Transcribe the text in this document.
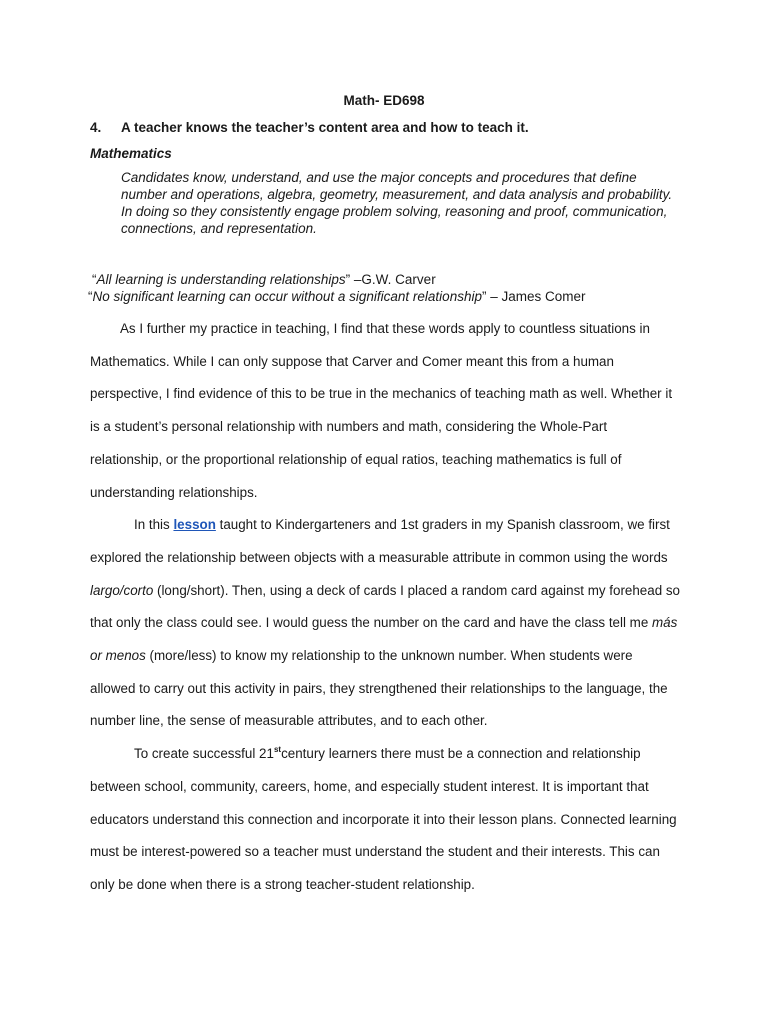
Math- ED698
4. A teacher knows the teacher’s content area and how to teach it.
Mathematics
Candidates know, understand, and use the major concepts and procedures that define number and operations, algebra, geometry, measurement, and data analysis and probability. In doing so they consistently engage problem solving, reasoning and proof, communication, connections, and representation.
“All learning is understanding relationships” –G.W. Carver
“No significant learning can occur without a significant relationship” – James Comer

As I further my practice in teaching, I find that these words apply to countless situations in Mathematics. While I can only suppose that Carver and Comer meant this from a human perspective, I find evidence of this to be true in the mechanics of teaching math as well. Whether it is a student’s personal relationship with numbers and math, considering the Whole-Part relationship, or the proportional relationship of equal ratios, teaching mathematics is full of understanding relationships.

In this lesson taught to Kindergarteners and 1st graders in my Spanish classroom, we first explored the relationship between objects with a measurable attribute in common using the words largo/corto (long/short). Then, using a deck of cards I placed a random card against my forehead so that only the class could see. I would guess the number on the card and have the class tell me más or menos (more/less) to know my relationship to the unknown number. When students were allowed to carry out this activity in pairs, they strengthened their relationships to the language, the number line, the sense of measurable attributes, and to each other.

To create successful 21stcentury learners there must be a connection and relationship between school, community, careers, home, and especially student interest. It is important that educators understand this connection and incorporate it into their lesson plans. Connected learning must be interest-powered so a teacher must understand the student and their interests. This can only be done when there is a strong teacher-student relationship.
